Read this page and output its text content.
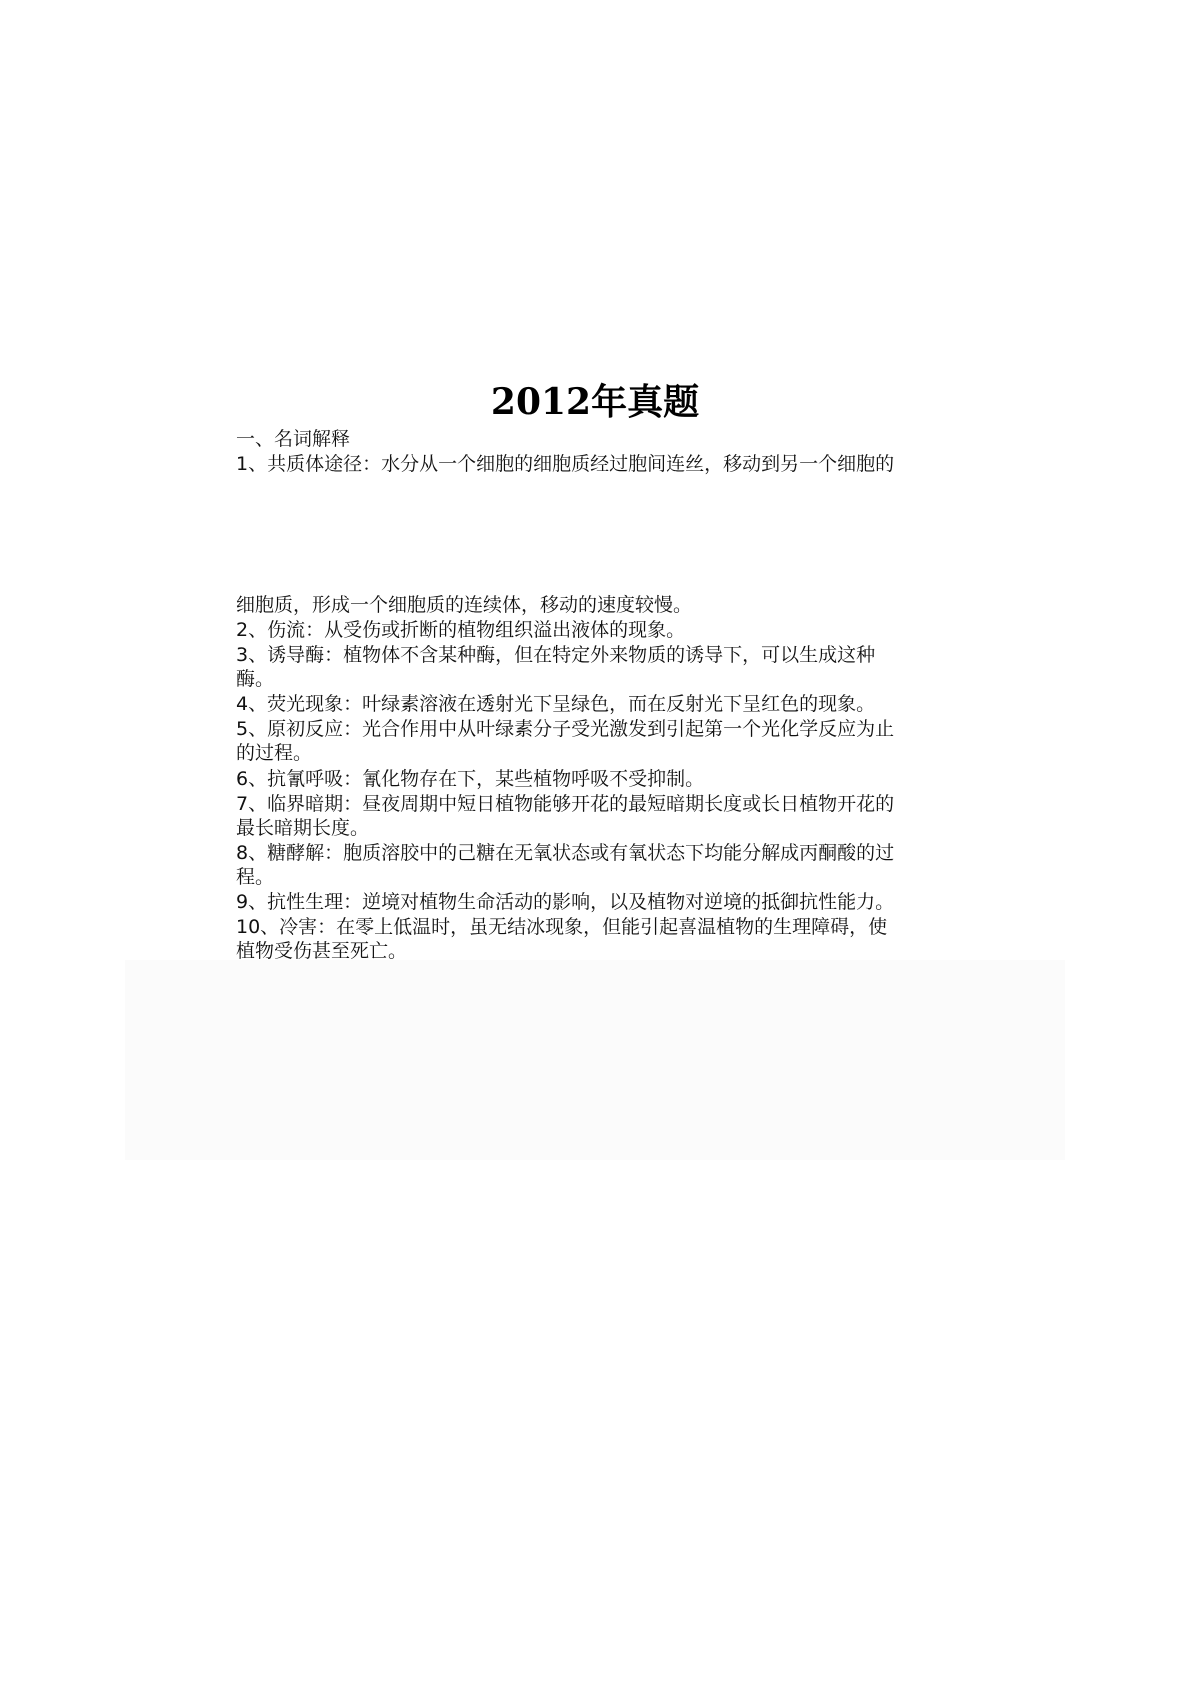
2012年真题
一、名词解释
1、共质体途径：水分从一个细胞的细胞质经过胞间连丝，移动到另一个细胞的
细胞质，形成一个细胞质的连续体，移动的速度较慢。
2、伤流：从受伤或折断的植物组织溢出液体的现象。
3、诱导酶：植物体不含某种酶，但在特定外来物质的诱导下，可以生成这种
酶。
4、荧光现象：叶绿素溶液在透射光下呈绿色，而在反射光下呈红色的现象。
5、原初反应：光合作用中从叶绿素分子受光激发到引起第一个光化学反应为止
的过程。
6、抗氰呼吸：氰化物存在下，某些植物呼吸不受抑制。
7、临界暗期：昼夜周期中短日植物能够开花的最短暗期长度或长日植物开花的
最长暗期长度。
8、糖酵解：胞质溶胶中的己糖在无氧状态或有氧状态下均能分解成丙酮酸的过
程。
9、抗性生理：逆境对植物生命活动的影响，以及植物对逆境的抵御抗性能力。
10、冷害：在零上低温时，虽无结冰现象，但能引起喜温植物的生理障碍，使
植物受伤甚至死亡。
